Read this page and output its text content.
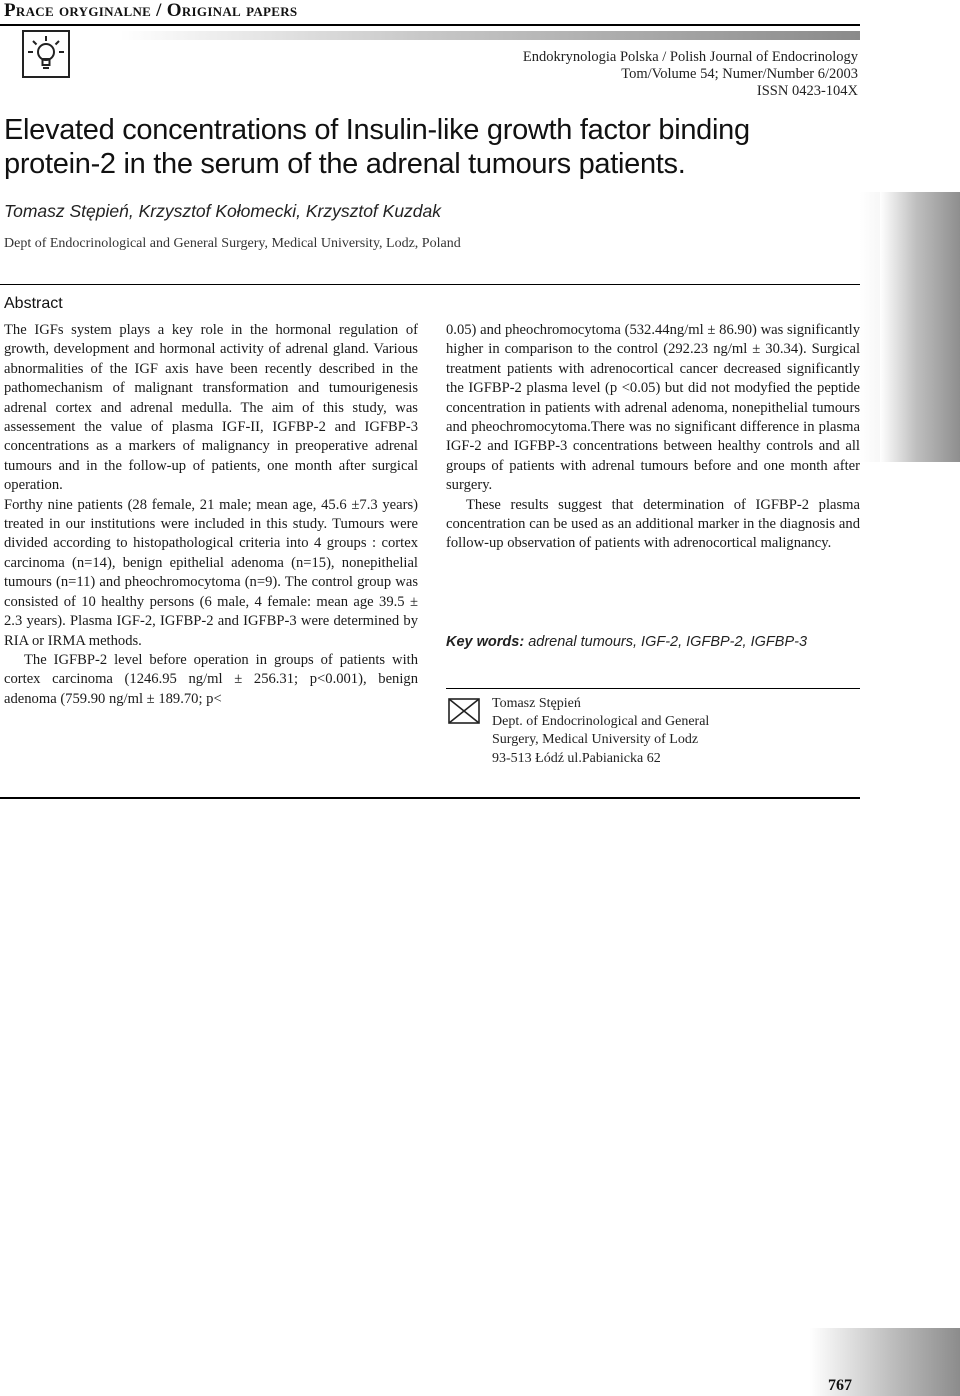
Prace oryginalne / Original papers
Endokrynologia Polska / Polish Journal of Endocrinology
Tom/Volume 54; Numer/Number 6/2003
ISSN 0423-104X
Elevated concentrations of Insulin-like growth factor binding
protein-2 in the serum of the adrenal tumours patients.
Tomasz Stępień, Krzysztof Kołomecki, Krzysztof Kuzdak
Dept of Endocrinological and General Surgery, Medical University, Lodz, Poland
Abstract

The IGFs system plays a key role in the hormonal regulation of growth, development and hormonal activity of adrenal gland. Various abnormalities of the IGF axis have been recently described in the pathomechanism of malignant transformation and tumourigenesis adrenal cortex and adrenal medulla. The aim of this study, was assessement the value of plasma IGF-II, IGFBP-2 and IGFBP-3 concentrations as a markers of malignancy in preoperative adrenal tumours and in the follow-up of patients, one month after surgical operation.

Forthy nine patients (28 female, 21 male; mean age, 45.6 ±7.3 years) treated in our institutions were included in this study. Tumours were divided according to histopathological criteria into 4 groups : cortex carcinoma (n=14), benign epithelial adenoma (n=15), nonepithelial tumours (n=11) and pheochromocytoma (n=9). The control group was consisted of 10 healthy persons (6 male, 4 female: mean age 39.5 ± 2.3 years). Plasma IGF-2, IGFBP-2 and IGFBP-3 were determined by RIA or IRMA methods.

The IGFBP-2 level before operation in groups of patients with cortex carcinoma (1246.95 ng/ml ± 256.31; p<0.001), benign adenoma (759.90 ng/ml ± 189.70; p<

0.05) and pheochromocytoma (532.44ng/ml ± 86.90) was significantly higher in comparison to the control (292.23 ng/ml ± 30.34). Surgical treatment patients with adrenocortical cancer decreased significantly the IGFBP-2 plasma level (p <0.05) but did not modyfied the peptide concentration in patients with adrenal adenoma, nonepithelial tumours and pheochromocytoma.There was no significant difference in plasma IGF-2 and IGFBP-3 concentrations between healthy controls and all groups of patients with adrenal tumours before and one month after surgery.

These results suggest that determination of IGFBP-2 plasma concentration can be used as an additional marker in the diagnosis and follow-up observation of patients with adrenocortical malignancy.

Key words: adrenal tumours, IGF-2, IGFBP-2, IGFBP-3
Tomasz Stępień
Dept. of Endocrinological and General
Surgery, Medical University of Lodz
93-513 Łódź ul.Pabianicka 62
767
